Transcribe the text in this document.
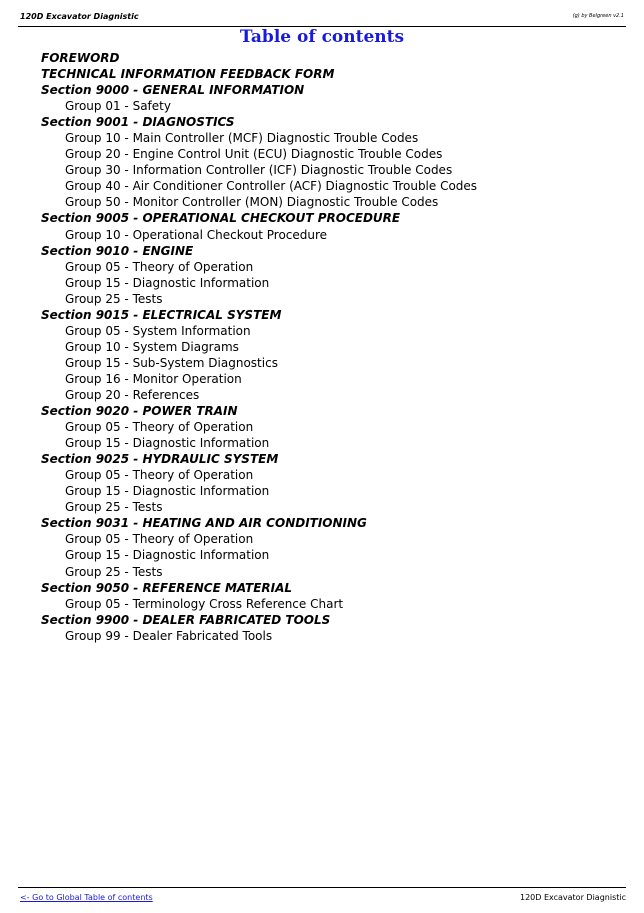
120D Excavator Diagnistic	(g) by Belgreen v2.1
Table of contents
FOREWORD
TECHNICAL INFORMATION FEEDBACK FORM
Section 9000 - GENERAL INFORMATION
Group 01 - Safety
Section 9001 - DIAGNOSTICS
Group 10 - Main Controller (MCF) Diagnostic Trouble Codes
Group 20 - Engine Control Unit (ECU) Diagnostic Trouble Codes
Group 30 - Information Controller (ICF) Diagnostic Trouble Codes
Group 40 - Air Conditioner Controller (ACF) Diagnostic Trouble Codes
Group 50 - Monitor Controller (MON) Diagnostic Trouble Codes
Section 9005 - OPERATIONAL CHECKOUT PROCEDURE
Group 10 - Operational Checkout Procedure
Section 9010 - ENGINE
Group 05 - Theory of Operation
Group 15 - Diagnostic Information
Group 25 - Tests
Section 9015 - ELECTRICAL SYSTEM
Group 05 - System Information
Group 10 - System Diagrams
Group 15 - Sub-System Diagnostics
Group 16 - Monitor Operation
Group 20 - References
Section 9020 - POWER TRAIN
Group 05 - Theory of Operation
Group 15 - Diagnostic Information
Section 9025 - HYDRAULIC SYSTEM
Group 05 - Theory of Operation
Group 15 - Diagnostic Information
Group 25 - Tests
Section 9031 - HEATING AND AIR CONDITIONING
Group 05 - Theory of Operation
Group 15 - Diagnostic Information
Group 25 - Tests
Section 9050 - REFERENCE MATERIAL
Group 05 - Terminology Cross Reference Chart
Section 9900 - DEALER FABRICATED TOOLS
Group 99 - Dealer Fabricated Tools
<- Go to Global Table of contents	120D Excavator Diagnistic
